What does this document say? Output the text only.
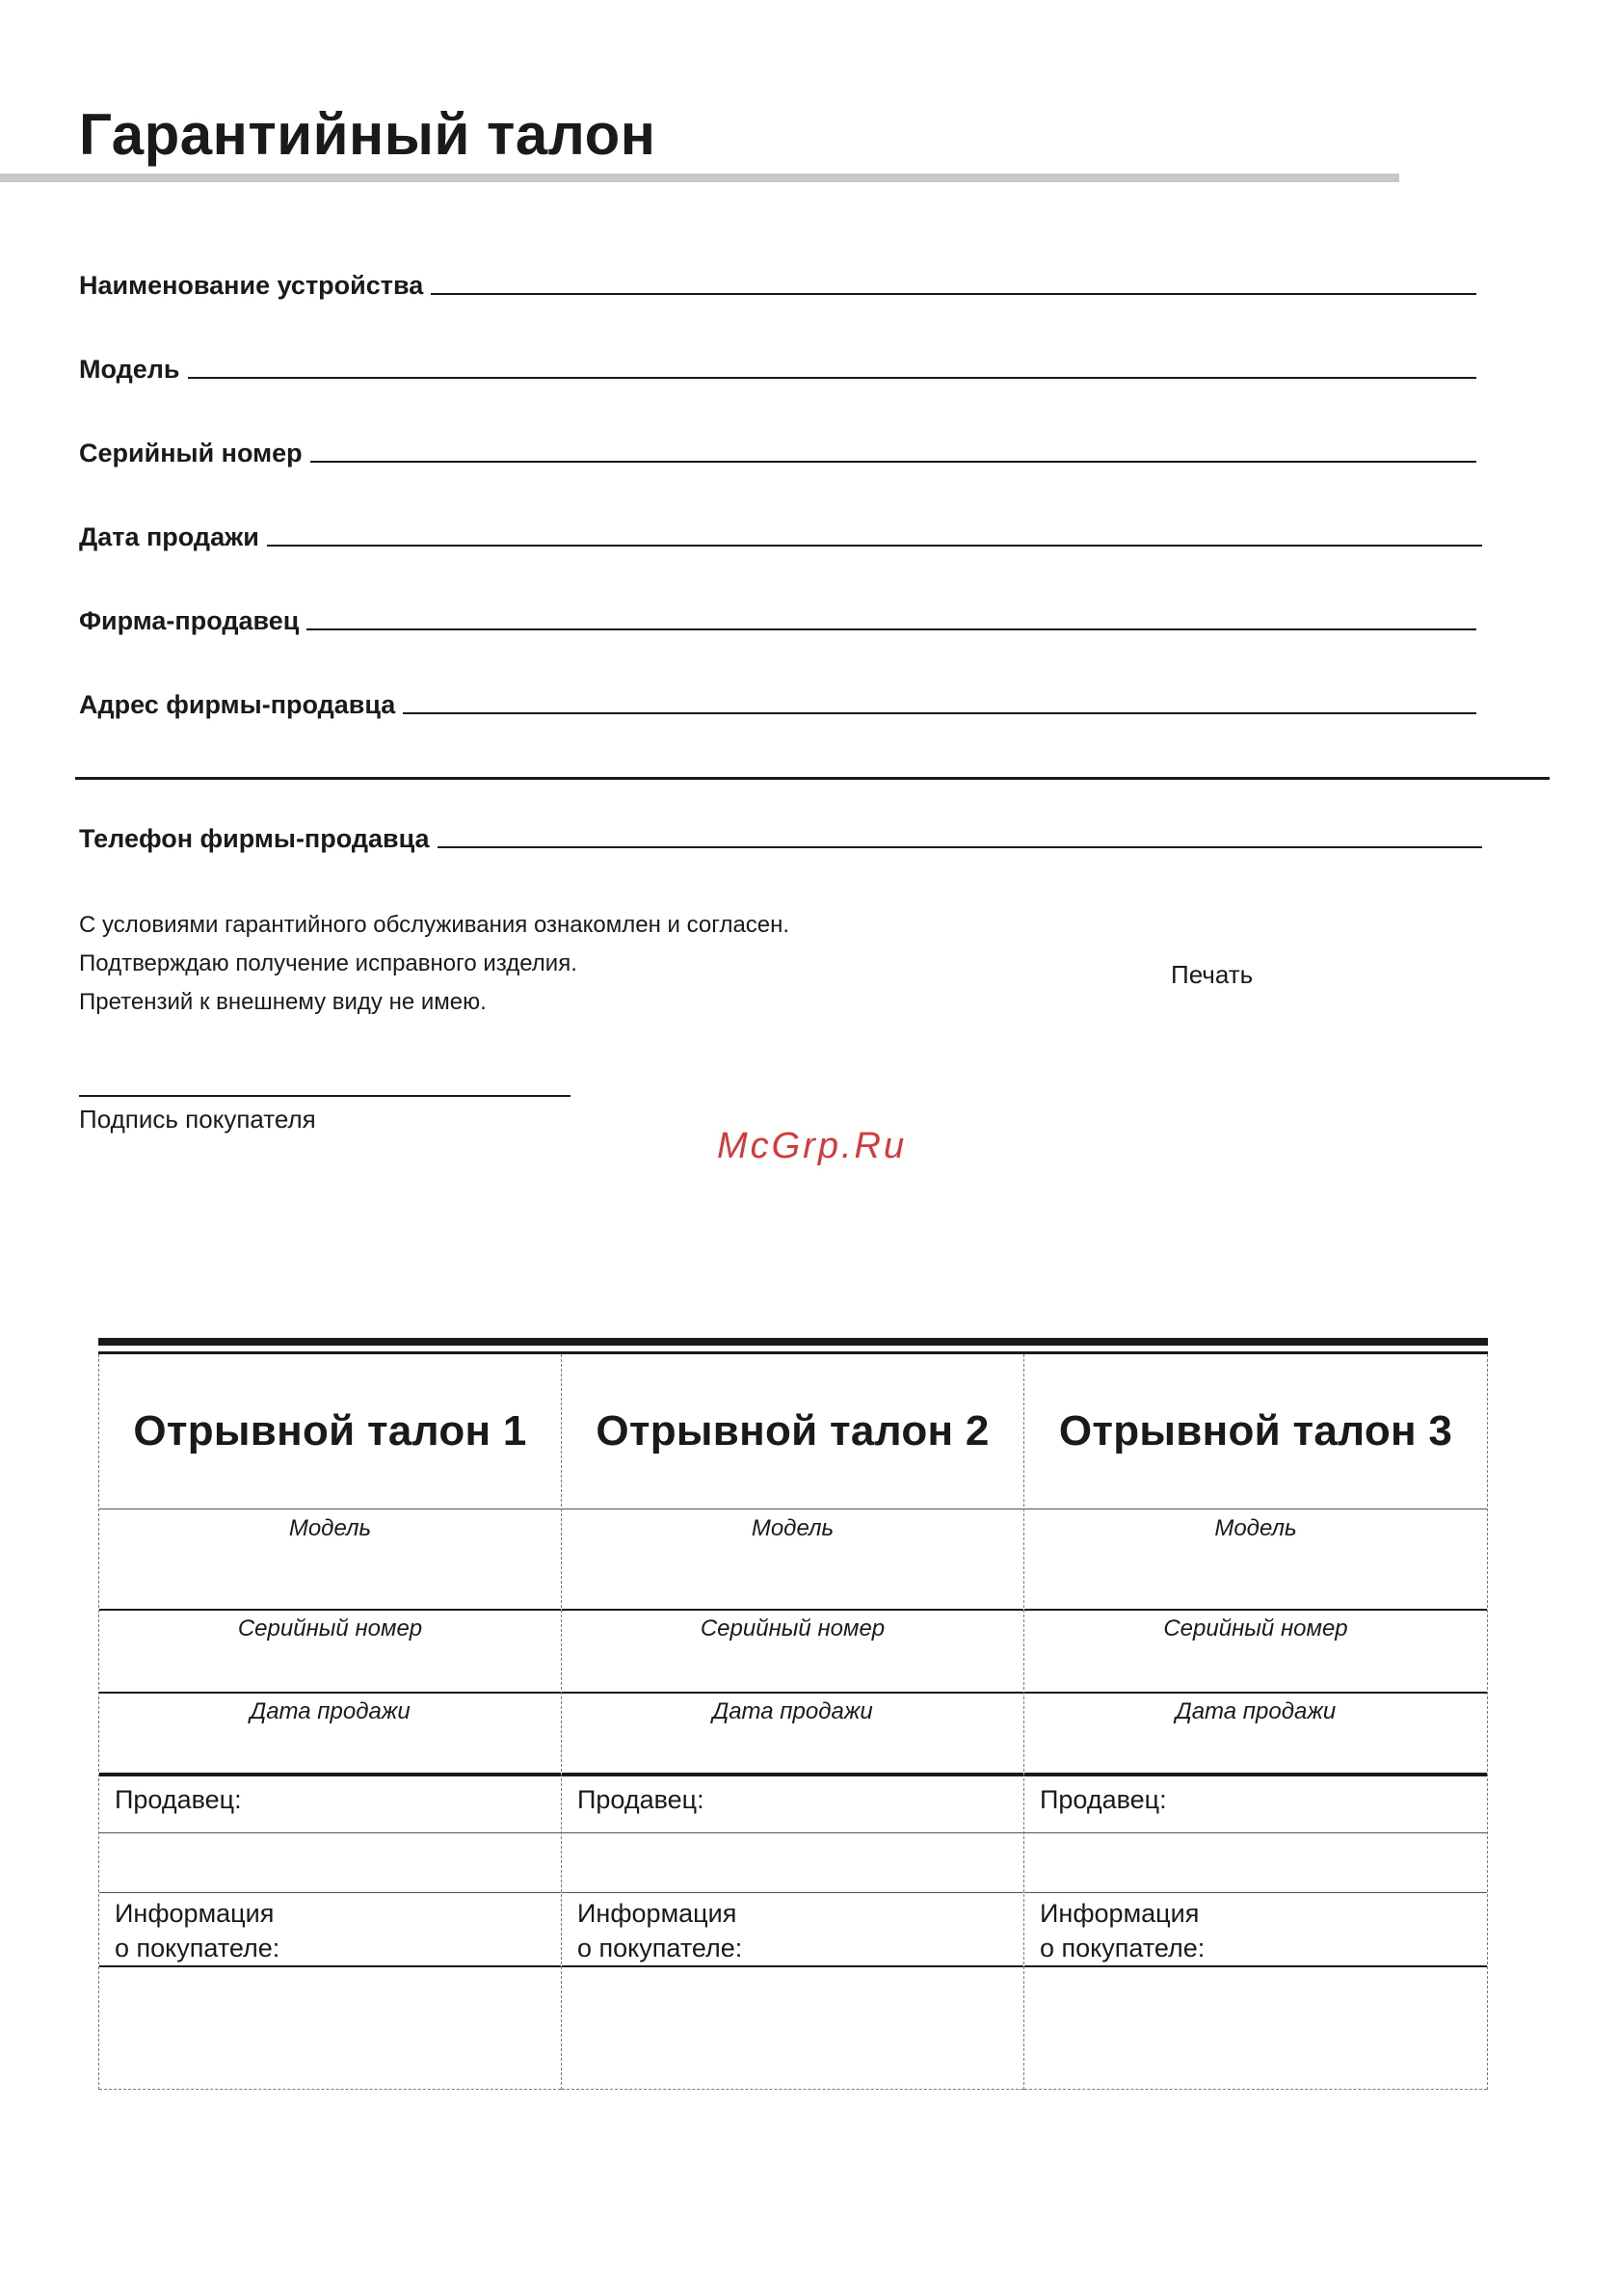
Гарантийный талон
Наименование устройства
Модель
Серийный номер
Дата продажи
Фирма-продавец
Адрес фирмы-продавца
Телефон фирмы-продавца
С условиями гарантийного обслуживания ознакомлен и согласен.
Подтверждаю получение исправного изделия.
Претензий к внешнему виду не имею.
Печать
Подпись покупателя
McGrp.Ru
Отрывной талон 1
Модель
Серийный номер
Дата продажи
Продавец:
Информация
о покупателе:
Отрывной талон 2
Модель
Серийный номер
Дата продажи
Продавец:
Информация
о покупателе:
Отрывной талон 3
Модель
Серийный номер
Дата продажи
Продавец:
Информация
о покупателе:
